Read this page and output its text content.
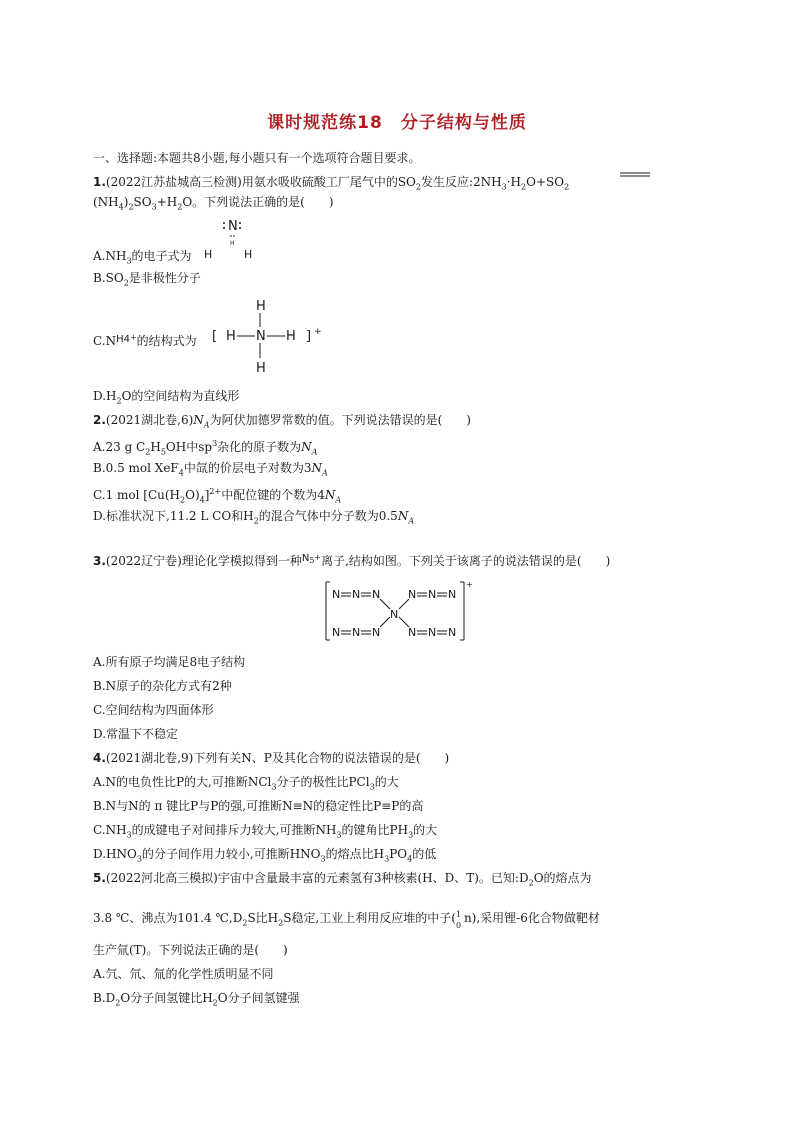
课时规范练18　分子结构与性质
一、选择题:本题共8小题,每小题只有一个选项符合题目要求。
1.(2022江苏盐城高三检测)用氨水吸收硫酸工厂尾气中的$SO_2$发生反应$:2NH_3\cdot H_2O+SO_2$
$(NH_4)_2SO_3+H_2O$。下列说法正确的是(　　)
N
H
H	H
$A.NH_3$的电子式为
$B.SO_2$是非极性分子
$C.N^{H4+}$的结构式为 [
H
H N H
H
] +
$D.H_2O$的空间结构为直线形
2.(2021湖北卷$,6)N_A$为阿伏加德罗常数的值。下列说法错误的是(　　)
A.23 g $C_2H_5OH$中$sp^3$杂化的原子数为$N_A$
B.0.5 mol XeF$_4$中氙的价层电子对数为$3N_A$
C.1 mol $[Cu(H_2O)_4]^{2+}$中配位键的个数为$4N_A$
D.标准状况下,11.2 L CO和$H_2$的混合气体中分子数为$0.5N_A$
3.(2022辽宁卷)理论化学模拟得到一种$^N$5+离子,结构如图。下列关于该离子的说法错误的是(　　)
+
N N N
N N N
N
N N N
N N N
A.所有原子均满足8电子结构
B.N原子的杂化方式有2种
C.空间结构为四面体形
D.常温下不稳定
4.(2021湖北卷,9)下列有关N、P及其化合物的说法错误的是(　　)
A.N的电负性比P的大,可推断NCl$_3$分子的极性比PCl$_3$的大
B.N与N的 π 键比P与P的强,可推断N≡N的稳定性比P≡P的高
$C.NH_3$的成键电子对间排斥力较大,可推断$NH_3$的键角比$PH_3$的大
$D.HNO_3$的分子间作用力较小,可推断$HNO_3$的熔点比$H_3PO_4$的低
5.(2022河北高三模拟)宇宙中含量最丰富的元素氢有3种核素(H、D、T)。已知$:D_2O$的熔点为
3.8 ℃、沸点为101.4 $℃,D_2S$比$H_2S$稳定,工业上利用反应堆的中子( 1
0
n),采用锂-6化合物做靶材
生产氚(T)。下列说法正确的是(　　)
A.氕、氘、氚的化学性质明显不同
$B.D_2O$分子间氢键比$H_2O$分子间氢键强
